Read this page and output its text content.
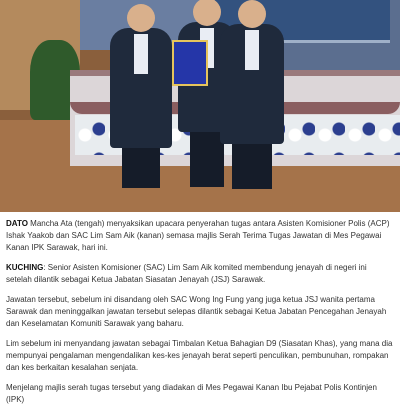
DATO Mancha Ata (tengah) menyaksikan upacara penyerahan tugas antara Asisten Komisioner Polis (ACP) Ishak Yaakob dan SAC Lim Sam Aik (kanan) semasa majlis Serah Terima Tugas Jawatan di Mes Pegawai Kanan IPK Sarawak, hari ini.

KUCHING: Senior Asisten Komisioner (SAC) Lim Sam Aik komited membendung jenayah di negeri ini setelah dilantik sebagai Ketua Jabatan Siasatan Jenayah (JSJ) Sarawak.

Jawatan tersebut, sebelum ini disandang oleh SAC Wong Ing Fung yang juga ketua JSJ wanita pertama Sarawak dan meninggalkan jawatan tersebut selepas dilantik sebagai Ketua Jabatan Pencegahan Jenayah dan Keselamatan Komuniti Sarawak yang baharu.

Lim sebelum ini menyandang jawatan sebagai Timbalan Ketua Bahagian D9 (Siasatan Khas), yang mana dia mempunyai pengalaman mengendalikan kes-kes jenayah berat seperti penculikan, pembunuhan, rompakan dan kes berkaitan kesalahan senjata.

Menjelang majlis serah tugas tersebut yang diadakan di Mes Pegawai Kanan Ibu Pejabat Polis Kontinjen (IPK)
